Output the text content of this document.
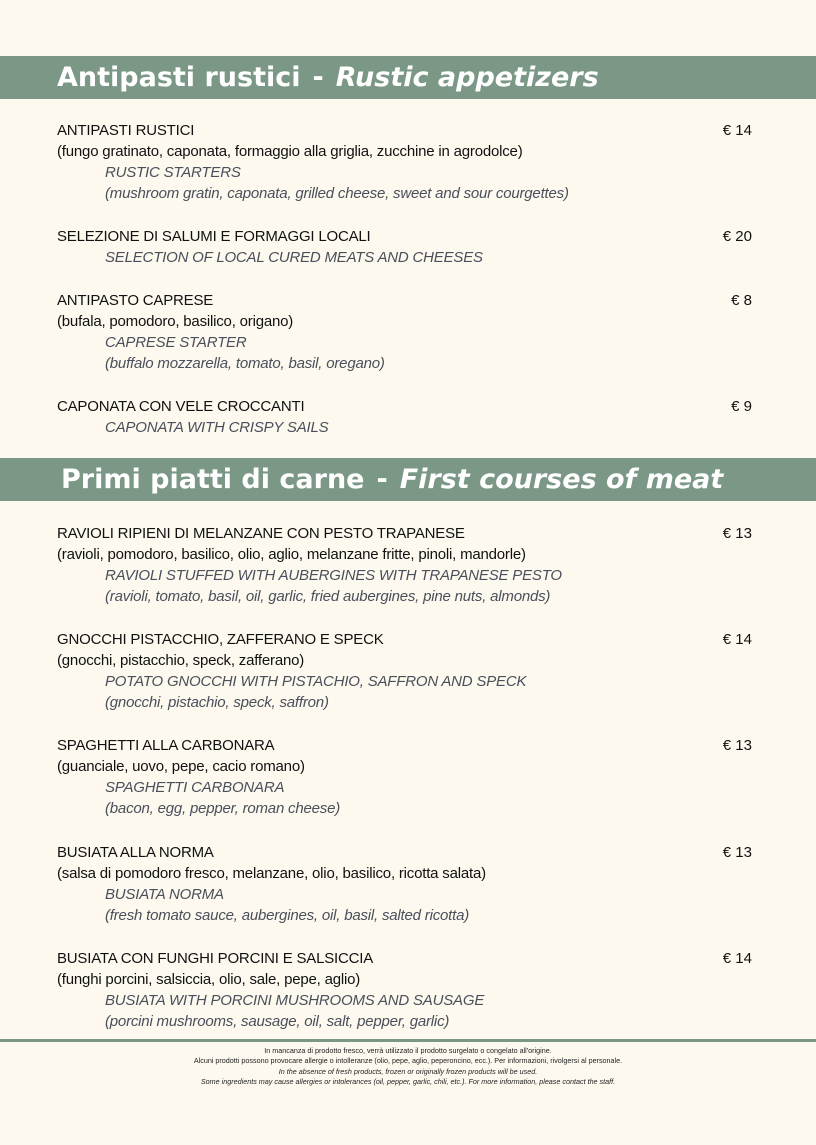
Antipasti rustici - Rustic appetizers
ANTIPASTI RUSTICI	€ 14
(fungo gratinato, caponata, formaggio alla griglia, zucchine in agrodolce)
RUSTIC STARTERS
(mushroom gratin, caponata, grilled cheese, sweet and sour courgettes)
SELEZIONE DI SALUMI E FORMAGGI LOCALI	€ 20
SELECTION OF LOCAL CURED MEATS AND CHEESES
ANTIPASTO CAPRESE	€ 8
(bufala, pomodoro, basilico, origano)
CAPRESE STARTER
(buffalo mozzarella, tomato, basil, oregano)
CAPONATA CON VELE CROCCANTI	€ 9
CAPONATA WITH CRISPY SAILS
Primi piatti di carne - First courses of meat
RAVIOLI RIPIENI DI MELANZANE CON PESTO TRAPANESE	€ 13
(ravioli, pomodoro, basilico, olio, aglio, melanzane fritte, pinoli, mandorle)
RAVIOLI STUFFED WITH AUBERGINES WITH TRAPANESE PESTO
(ravioli, tomato, basil, oil, garlic, fried aubergines, pine nuts, almonds)
GNOCCHI PISTACCHIO, ZAFFERANO E SPECK	€ 14
(gnocchi, pistacchio, speck, zafferano)
POTATO GNOCCHI WITH PISTACHIO, SAFFRON AND SPECK
(gnocchi, pistachio, speck, saffron)
SPAGHETTI ALLA CARBONARA	€ 13
(guanciale, uovo, pepe, cacio romano)
SPAGHETTI CARBONARA
(bacon, egg, pepper, roman cheese)
BUSIATA ALLA NORMA	€ 13
(salsa di pomodoro fresco, melanzane, olio, basilico, ricotta salata)
BUSIATA NORMA
(fresh tomato sauce, aubergines, oil, basil, salted ricotta)
BUSIATA CON FUNGHI PORCINI E SALSICCIA	€ 14
(funghi porcini, salsiccia, olio, sale, pepe, aglio)
BUSIATA WITH PORCINI MUSHROOMS AND SAUSAGE
(porcini mushrooms, sausage, oil, salt, pepper, garlic)
In mancanza di prodotto fresco, verrà utilizzato il prodotto surgelato o congelato all'origine.
Alcuni prodotti possono provocare allergie o intolleranze (olio, pepe, aglio, peperoncino, ecc.). Per informazioni, rivolgersi al personale.
In the absence of fresh products, frozen or originally frozen products will be used.
Some ingredients may cause allergies or intolerances (oil, pepper, garlic, chili, etc.). For more information, please contact the staff.
